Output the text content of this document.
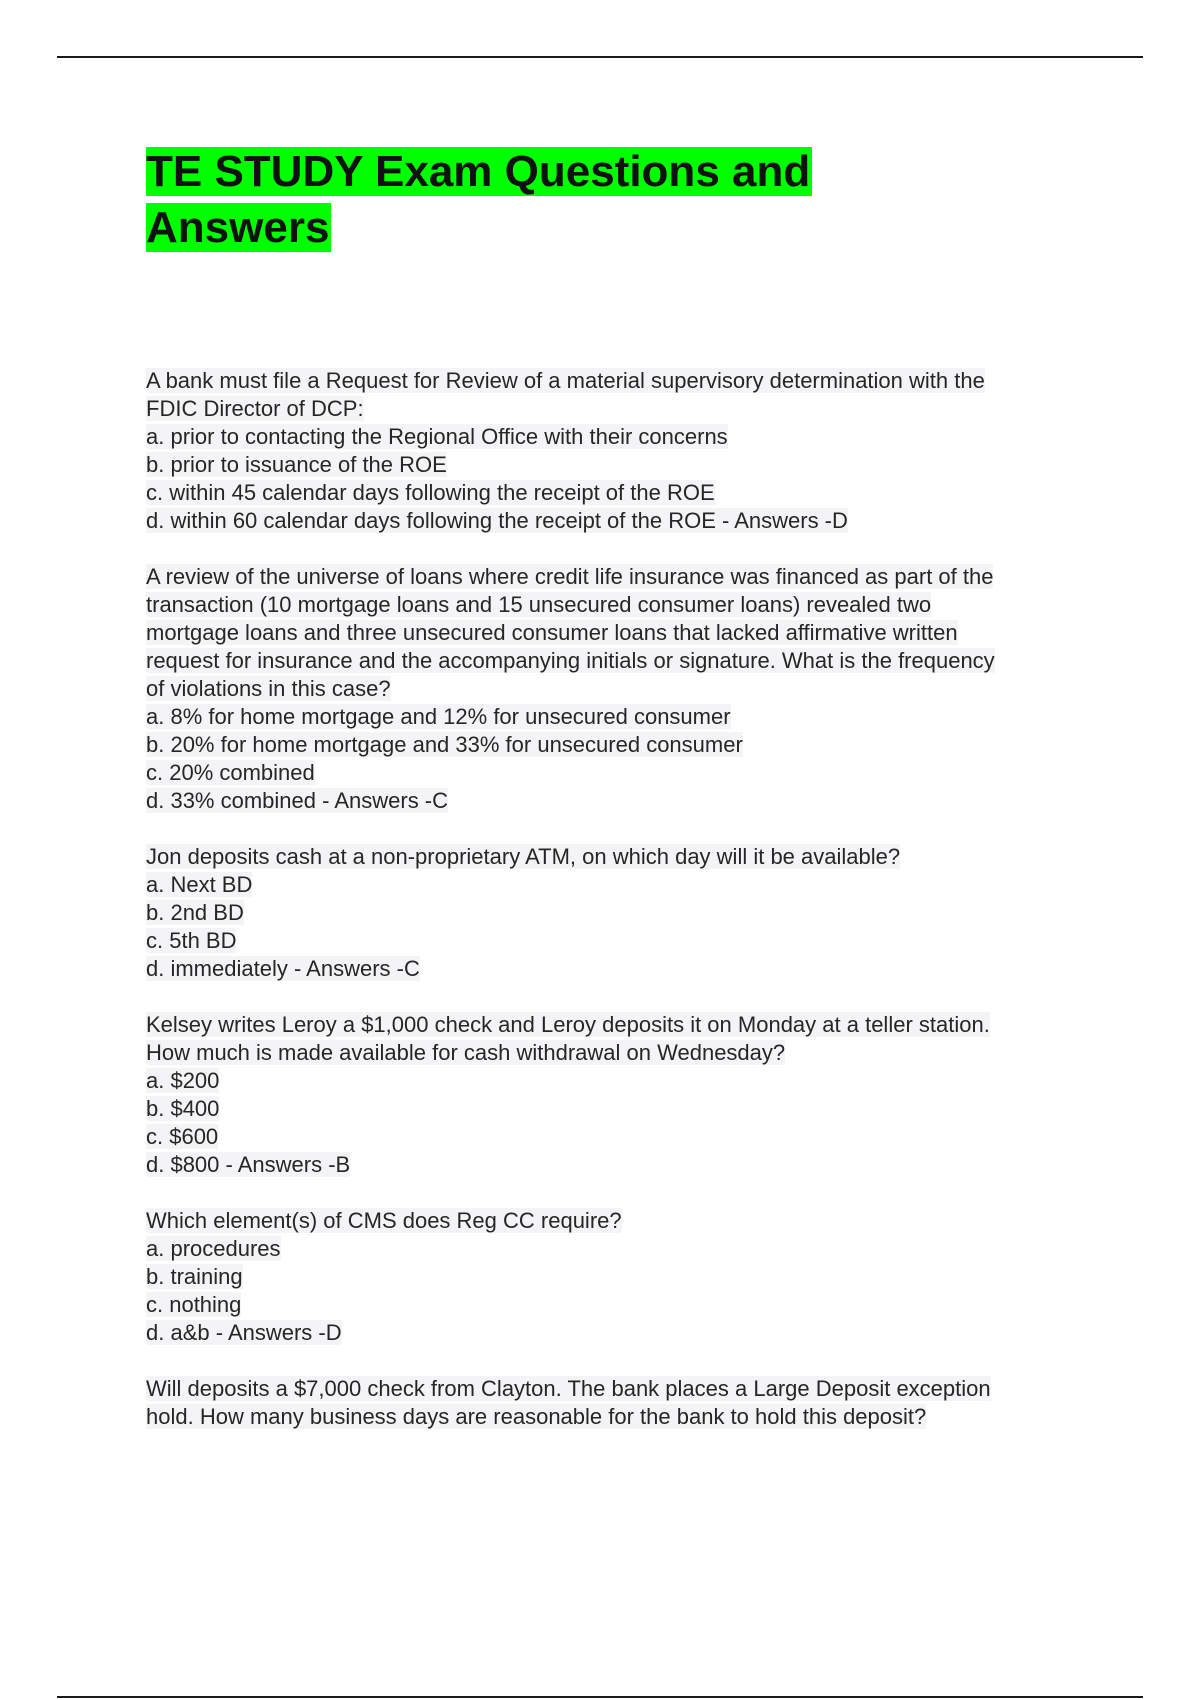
TE STUDY Exam Questions and Answers
A bank must file a Request for Review of a material supervisory determination with the
FDIC Director of DCP:
a. prior to contacting the Regional Office with their concerns
b. prior to issuance of the ROE
c. within 45 calendar days following the receipt of the ROE
d. within 60 calendar days following the receipt of the ROE - Answers -D
A review of the universe of loans where credit life insurance was financed as part of the
transaction (10 mortgage loans and 15 unsecured consumer loans) revealed two
mortgage loans and three unsecured consumer loans that lacked affirmative written
request for insurance and the accompanying initials or signature. What is the frequency
of violations in this case?
a. 8% for home mortgage and 12% for unsecured consumer
b. 20% for home mortgage and 33% for unsecured consumer
c. 20% combined
d. 33% combined - Answers -C
Jon deposits cash at a non-proprietary ATM, on which day will it be available?
a. Next BD
b. 2nd BD
c. 5th BD
d. immediately - Answers -C
Kelsey writes Leroy a $1,000 check and Leroy deposits it on Monday at a teller station.
How much is made available for cash withdrawal on Wednesday?
a. $200
b. $400
c. $600
d. $800 - Answers -B
Which element(s) of CMS does Reg CC require?
a. procedures
b. training
c. nothing
d. a&b - Answers -D
Will deposits a $7,000 check from Clayton. The bank places a Large Deposit exception
hold. How many business days are reasonable for the bank to hold this deposit?
